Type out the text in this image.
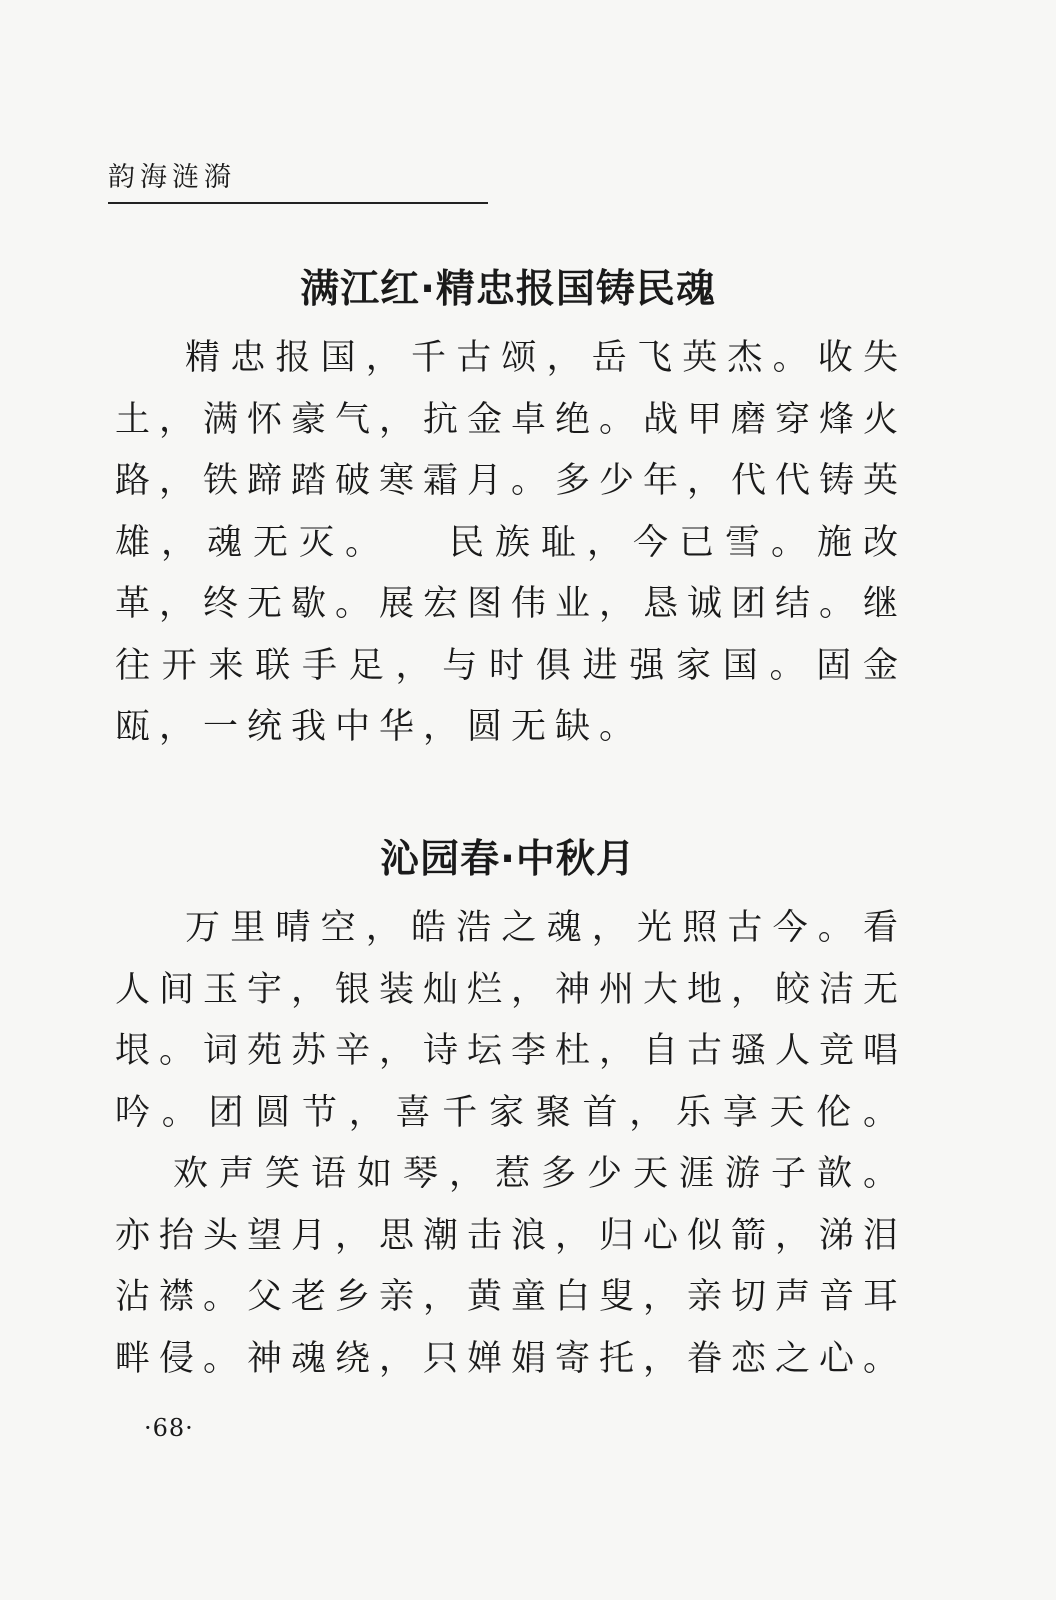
韵海涟漪
满江红·精忠报国铸民魂

精忠报国，千古颂，岳飞英杰。收失土，满怀豪气，抗金卓绝。战甲磨穿烽火路，铁蹄踏破寒霜月。多少年，代代铸英雄，魂无灭。 民族耻，今已雪。施改革，终无歇。展宏图伟业，恳诚团结。继往开来联手足，与时俱进强家国。固金瓯，一统我中华，圆无缺。

沁园春·中秋月

万里晴空，皓浩之魂，光照古今。看人间玉宇，银装灿烂，神州大地，皎洁无垠。词苑苏辛，诗坛李杜，自古骚人竞唱吟。团圆节，喜千家聚首，乐享天伦。欢声笑语如琴，惹多少天涯游子歆。亦抬头望月，思潮击浪，归心似箭，涕泪沾襟。父老乡亲，黄童白叟，亲切声音耳畔侵。神魂绕，只婵娟寄托，眷恋之心。

·68·
